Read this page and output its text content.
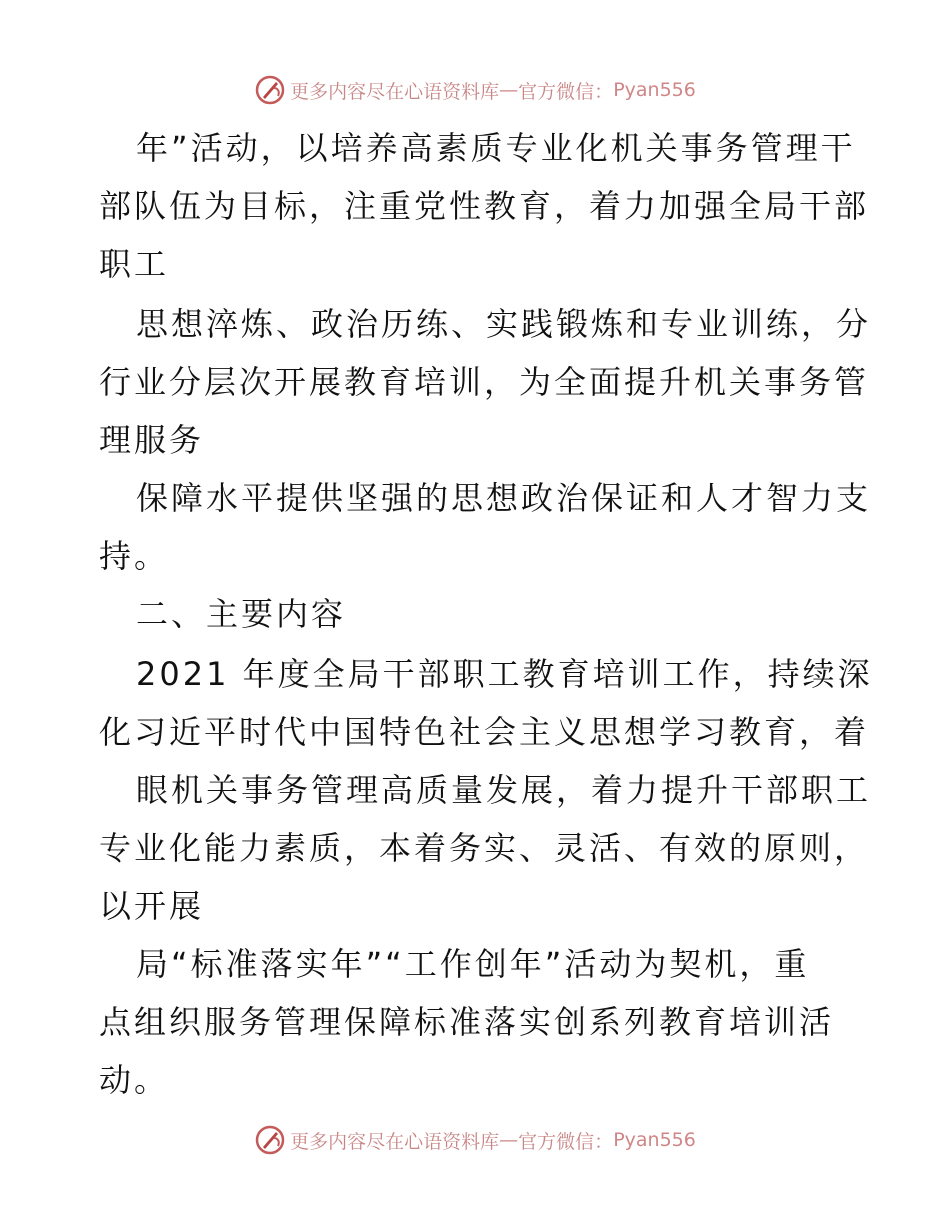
更多内容尽在心语资料库 — 官方微信： Pyan556
年”活动，以培养高素质专业化机关事务管理干
部队伍为目标，注重党性教育，着力加强全局干部
职工
思想淬炼、政治历练、实践锻炼和专业训练，分
行业分层次开展教育培训，为全面提升机关事务管
理服务
保障水平提供坚强的思想政治保证和人才智力支
持。
二、主要内容
2021 年度全局干部职工教育培训工作，持续深
化习近平时代中国特色社会主义思想学习教育，着
眼机关事务管理高质量发展，着力提升干部职工
专业化能力素质，本着务实、灵活、有效的原则，
以开展
局“标准落实年”“工作创年”活动为契机，重
点组织服务管理保障标准落实创系列教育培训活
动。
更多内容尽在心语资料库 — 官方微信： Pyan556
